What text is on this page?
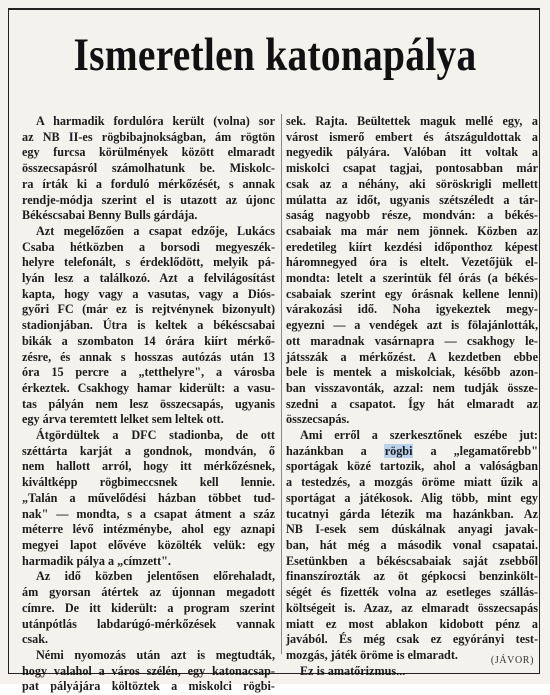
Ismeretlen katonapálya
A harmadik fordulóra került (volna) sor
az NB II-es rögbibajnokságban, ám rögtön
egy furcsa körülmények között elmaradt
összecsapásról számolhatunk be. Miskolc-
ra írták ki a forduló mérkőzését, s annak
rendje-módja szerint el is utazott az újonc
Békéscsabai Benny Bulls gárdája.
Azt megelőzően a csapat edzője, Lukács
Csaba hétközben a borsodi megyeszék-
helyre telefonált, s érdeklődött, melyik pá-
lyán lesz a találkozó. Azt a felvilágosítást
kapta, hogy vagy a vasutas, vagy a Diós-
győri FC (már ez is rejtvénynek bizonyult)
stadionjában. Útra is keltek a békéscsabai
bikák a szombaton 14 órára kiírt mérkő-
zésre, és annak s hosszas autózás után 13
óra 15 percre a „tetthelyre", a városba
érkeztek. Csakhogy hamar kiderült: a vasu-
tas pályán nem lesz összecsapás, ugyanis
egy árva teremtett lelket sem leltek ott.
Átgördültek a DFC stadionba, de ott
széttárta karját a gondnok, mondván, ő
nem hallott arról, hogy itt mérkőzésnek,
kiváltképp rögbimeccsnek kell lennie.
„Talán a művelődési házban többet tud-
nak" — mondta, s a csapat átment a száz
méterre lévő intézménybe, ahol egy aznapi
megyei lapot elővéve közölték velük: egy
harmadik pálya a „címzett".
Az idő közben jelentősen előrehaladt,
ám gyorsan átértek az újonnan megadott
címre. De itt kiderült: a program szerint
utánpótlás labdarúgó-mérkőzések vannak
csak.
Némi nyomozás után azt is megtudták,
hogy valahol a város szélén, egy katonacsap-
pat pályájára költöztek a miskolci rögbi-
sek. Rajta. Beültettek maguk mellé egy, a
várost ismerő embert és átszáguldottak a
negyedik pályára. Valóban itt voltak a
miskolci csapat tagjai, pontosabban már
csak az a néhány, aki söröskrigli mellett
múlatta az időt, ugyanis szétszéledt a tár-
saság nagyobb része, mondván: a békés-
csabaiak ma már nem jönnek. Közben az
eredetileg kiírt kezdési időponthoz képest
háromnegyed óra is eltelt. Vezetőjük el-
mondta: letelt a szerintük fél órás (a békés-
csabaiak szerint egy órásnak kellene lenni)
várakozási idő. Noha igyekeztek megy-
egyezni — a vendégek azt is fölajánlották,
ott maradnak vasárnapra — csakhogy le-
játsszák a mérkőzést. A kezdetben ebbe
bele is mentek a miskolciak, később azon-
ban visszavonták, azzal: nem tudják össze-
szedni a csapatot. Így hát elmaradt az
összecsapás.
Ami erről a szerkesztőnek eszébe jut:
hazánkban a rögbi a „legamatőrebb"
sportágak közé tartozik, ahol a valóságban
a testedzés, a mozgás öröme miatt űzik a
sportágat a játékosok. Alig több, mint egy
tucatnyi gárda létezik ma hazánkban. Az
NB I-esek sem dúskálnak anyagi javak-
ban, hát még a második vonal csapatai.
Esetünkben a békéscsabaiak saját zsebből
finanszírozták az öt gépkocsi benzinkölt-
ségét és fizették volna az esetleges szállás-
költségeit is. Azaz, az elmaradt összecsapás
miatt ez most ablakon kidobott pénz a
javából. És még csak ez egyórányi test-
mozgás, játék öröme is elmaradt.
Ez is amatőrizmus...
(JÁVOR)
